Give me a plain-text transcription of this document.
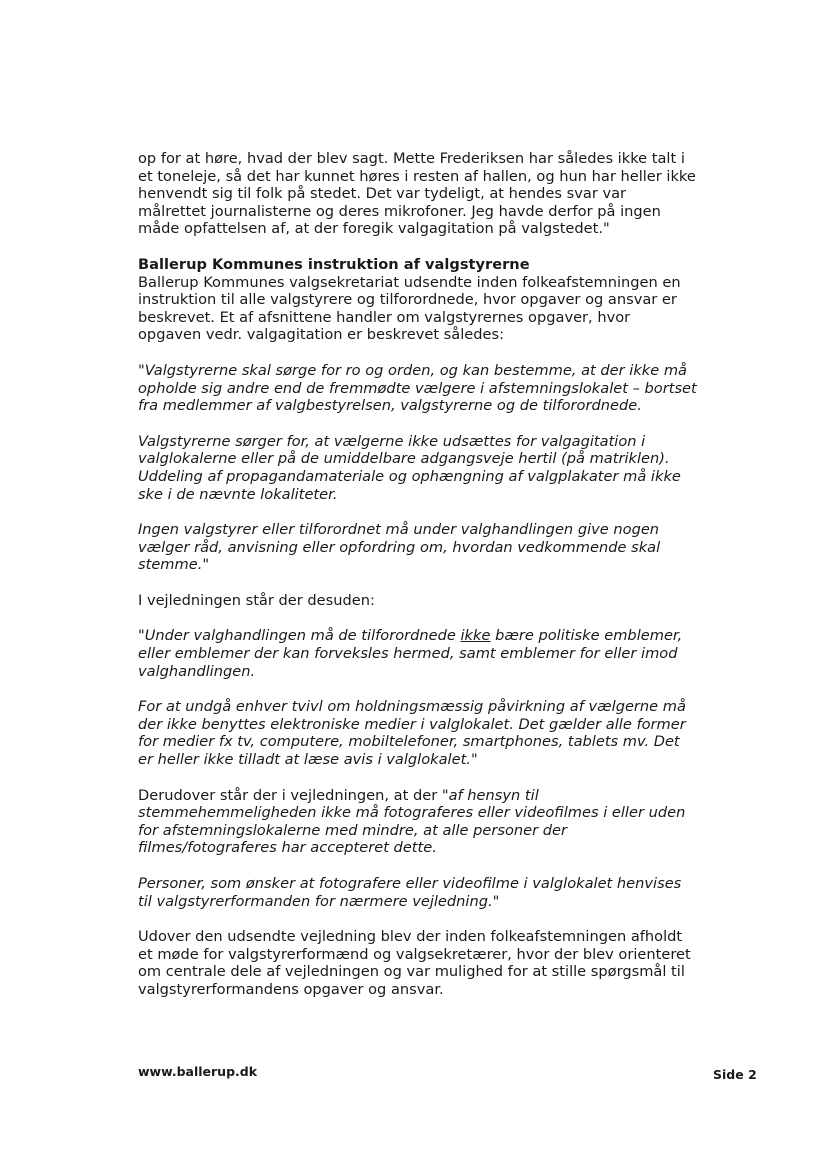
op for at høre, hvad der blev sagt. Mette Frederiksen har således ikke talt i et toneleje, så det har kunnet høres i resten af hallen, og hun har heller ikke henvendt sig til folk på stedet. Det var tydeligt, at hendes svar var målrettet journalisterne og deres mikrofoner. Jeg havde derfor på ingen måde opfattelsen af, at der foregik valgagitation på valgstedet."

Ballerup Kommunes instruktion af valgstyrerne

Ballerup Kommunes valgsekretariat udsendte inden folkeafstemningen en instruktion til alle valgstyrere og tilforordnede, hvor opgaver og ansvar er beskrevet. Et af afsnittene handler om valgstyrernes opgaver, hvor opgaven vedr. valgagitation er beskrevet således:

"Valgstyrerne skal sørge for ro og orden, og kan bestemme, at der ikke må opholde sig andre end de fremmødte vælgere i afstemningslokalet – bortset fra medlemmer af valgbestyrelsen, valgstyrerne og de tilforordnede.

Valgstyrerne sørger for, at vælgerne ikke udsættes for valgagitation i valglokalerne eller på de umiddelbare adgangsveje hertil (på matriklen). Uddeling af propagandamateriale og ophængning af valgplakater må ikke ske i de nævnte lokaliteter.

Ingen valgstyrer eller tilforordnet må under valghandlingen give nogen vælger råd, anvisning eller opfordring om, hvordan vedkommende skal stemme."

I vejledningen står der desuden:

"Under valghandlingen må de tilforordnede ikke bære politiske emblemer, eller emblemer der kan forveksles hermed, samt emblemer for eller imod valghandlingen.

For at undgå enhver tvivl om holdningsmæssig påvirkning af vælgerne må der ikke benyttes elektroniske medier i valglokalet. Det gælder alle former for medier fx tv, computere, mobiltelefoner, smartphones, tablets mv. Det er heller ikke tilladt at læse avis i valglokalet."

Derudover står der i vejledningen, at der "af hensyn til stemmehemmeligheden ikke må fotograferes eller videofilmes i eller uden for afstemningslokalerne med mindre, at alle personer der filmes/fotograferes har accepteret dette.

Personer, som ønsker at fotografere eller videofilme i valglokalet henvises til valgstyrerformanden for nærmere vejledning."

Udover den udsendte vejledning blev der inden folkeafstemningen afholdt et møde for valgstyrerformænd og valgsekretærer, hvor der blev orienteret om centrale dele af vejledningen og var mulighed for at stille spørgsmål til valgstyrerformandens opgaver og ansvar.

www.ballerup.dk	Side 2
